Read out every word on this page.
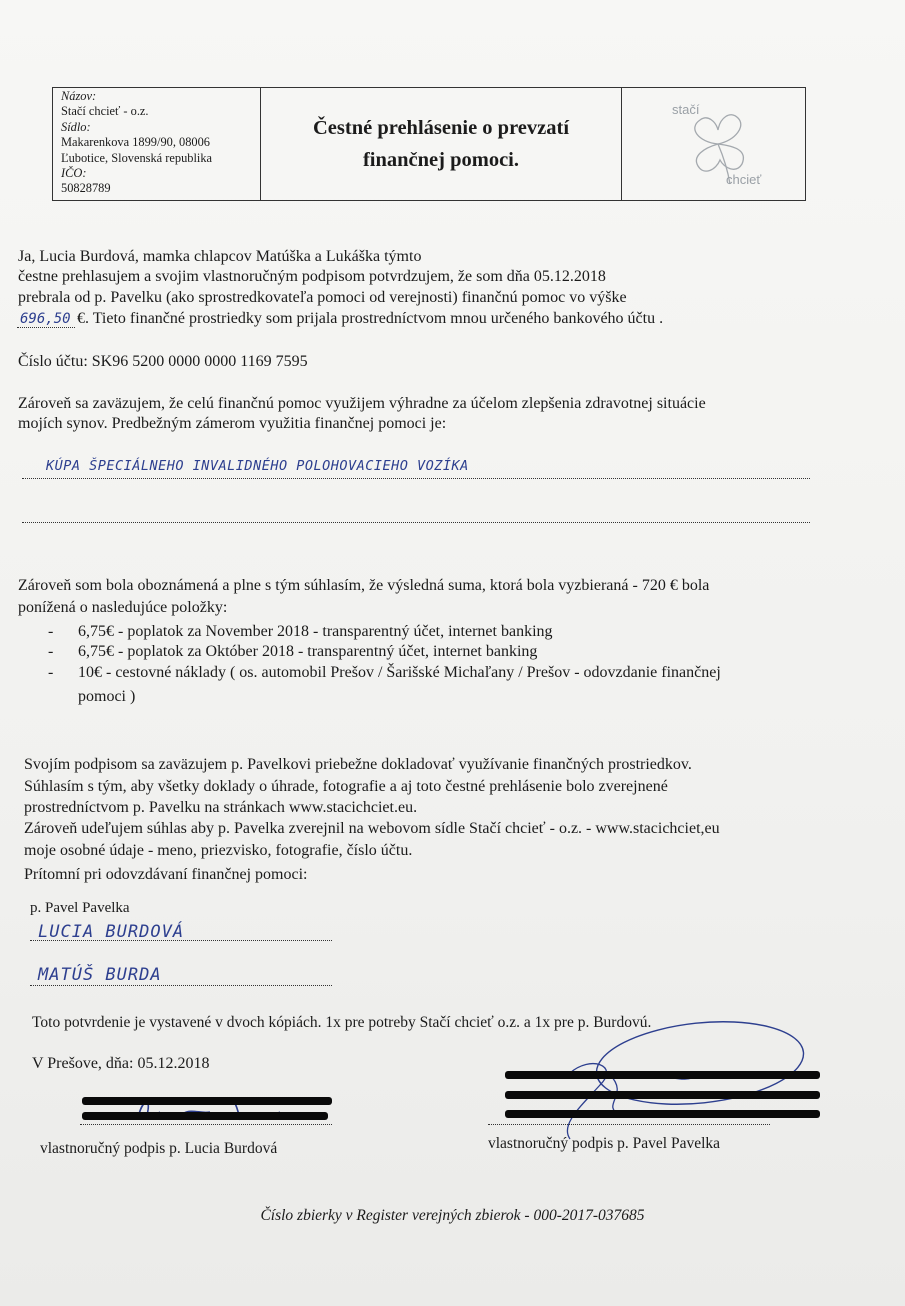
Názov:
Stačí chcieť - o.z.
Sídlo:
Makarenkova 1899/90, 08006
Ľubotice, Slovenská republika
IČO:
50828789
Čestné prehlásenie o prevzatí
finančnej pomoci.
stačí
chcieť
Ja, Lucia Burdová, mamka chlapcov Matúška a Lukáška týmto
čestne prehlasujem a svojim vlastnoručným podpisom potvrdzujem, že som dňa 05.12.2018
prebrala od p. Pavelku (ako sprostredkovateľa pomoci od verejnosti) finančnú pomoc vo výške
696,50 €. Tieto finančné prostriedky som prijala prostredníctvom mnou určeného bankového účtu .
Číslo účtu: SK96 5200 0000 0000 1169 7595
Zároveň sa zaväzujem, že celú finančnú pomoc využijem výhradne za účelom zlepšenia zdravotnej situácie
mojích synov. Predbežným zámerom využitia finančnej pomoci je:
KÚPA ŠPECIÁLNEHO INVALIDNÉHO POLOHOVACIEHO VOZÍKA
Zároveň som bola oboznámená a plne s tým súhlasím, že výsledná suma, ktorá bola vyzbieraná - 720 € bola
ponížená o nasledujúce položky:
- 6,75€ - poplatok za November 2018 - transparentný účet, internet banking
- 6,75€ - poplatok za Október 2018 - transparentný účet, internet banking
- 10€ - cestovné náklady ( os. automobil Prešov / Šarišské Michaľany / Prešov - odovzdanie finančnej
pomoci )
Svojím podpisom sa zaväzujem p. Pavelkovi priebežne dokladovať využívanie finančných prostriedkov.
Súhlasím s tým, aby všetky doklady o úhrade, fotografie a aj toto čestné prehlásenie bolo zverejnené
prostredníctvom p. Pavelku na stránkach www.stacichciet.eu.
Zároveň udeľujem súhlas aby p. Pavelka zverejnil na webovom sídle Stačí chcieť - o.z. - www.stacichciet,eu
moje osobné údaje - meno, priezvisko, fotografie, číslo účtu.
Prítomní pri odovzdávaní finančnej pomoci:
p. Pavel Pavelka
LUCIA BURDOVÁ
MATÚŠ BURDA
Toto potvrdenie je vystavené v dvoch kópiách. 1x pre potreby Stačí chcieť o.z. a 1x pre p. Burdovú.
V Prešove, dňa: 05.12.2018
vlastnoručný podpis p. Lucia Burdová	vlastnoručný podpis p. Pavel Pavelka
Číslo zbierky v Register verejných zbierok - 000-2017-037685
